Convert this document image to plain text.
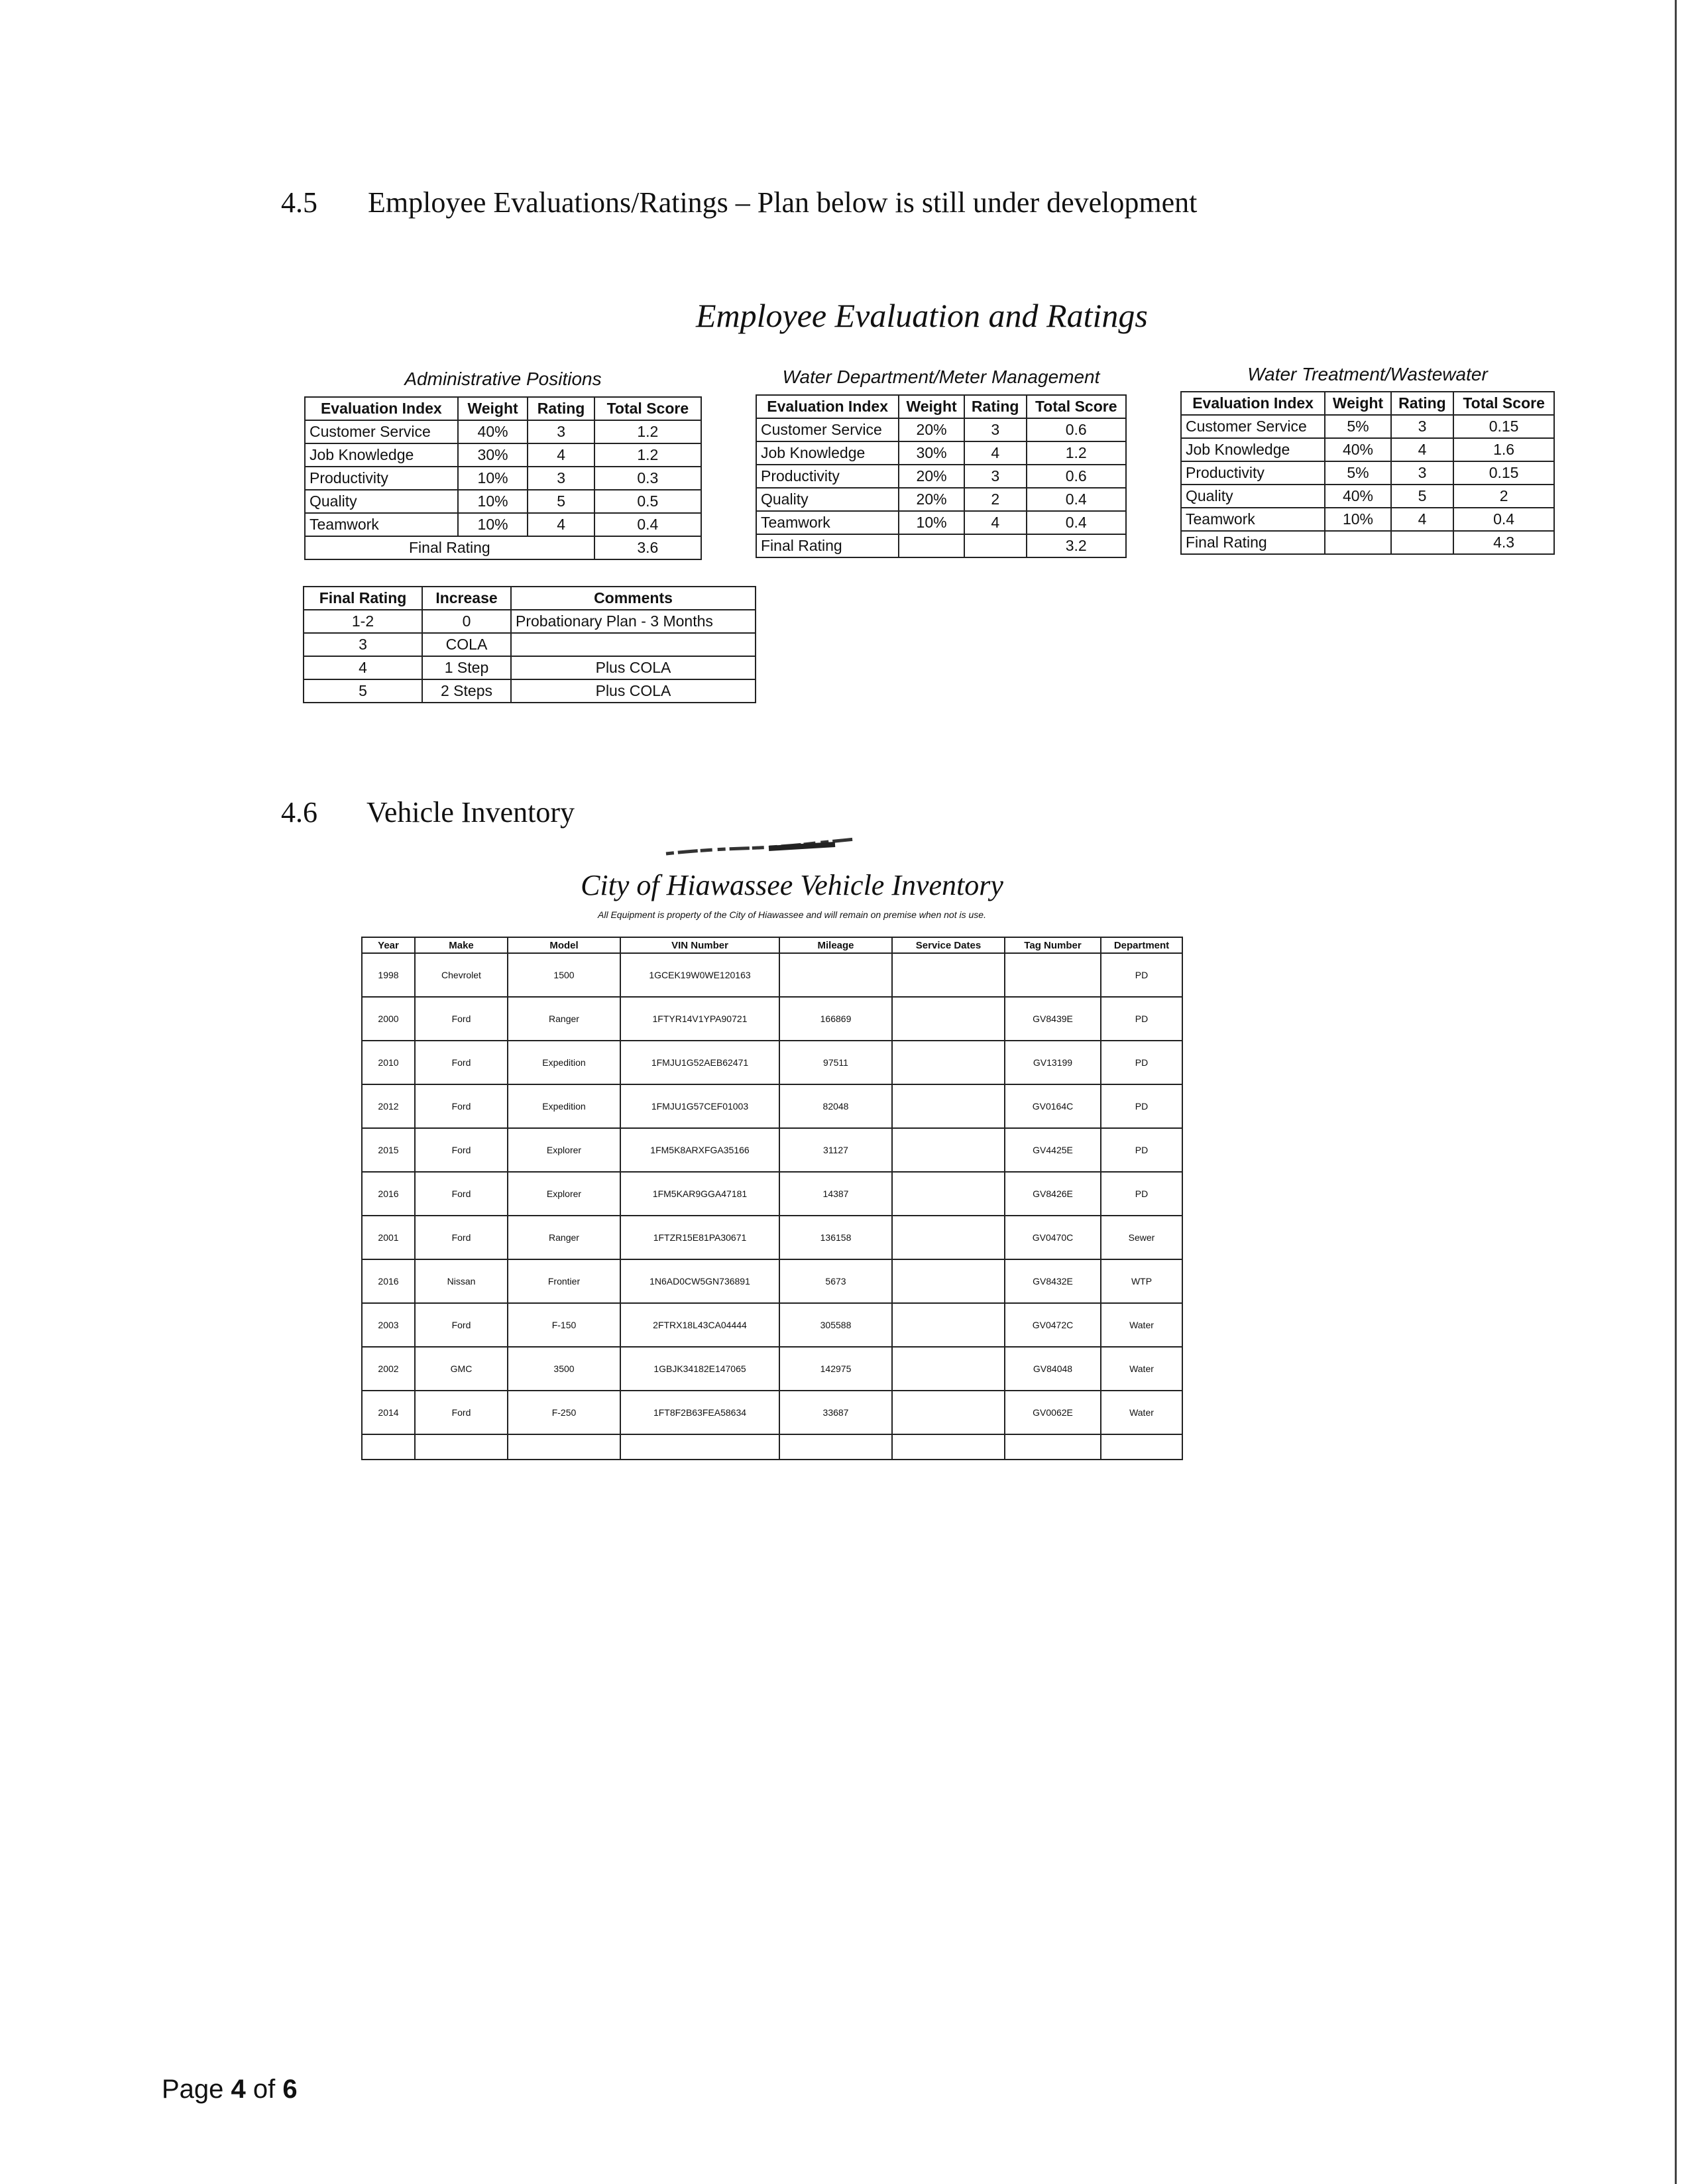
4.5 Employee Evaluations/Ratings – Plan below is still under development
Employee Evaluation and Ratings
Administrative Positions
Evaluation Index	Weight	Rating	Total Score
Customer Service	40%	3	1.2
Job Knowledge	30%	4	1.2
Productivity	10%	3	0.3
Quality	10%	5	0.5
Teamwork	10%	4	0.4
Final Rating			3.6
Water Department/Meter Management
Evaluation Index	Weight	Rating	Total Score
Customer Service	20%	3	0.6
Job Knowledge	30%	4	1.2
Productivity	20%	3	0.6
Quality	20%	2	0.4
Teamwork	10%	4	0.4
Final Rating			3.2
Water Treatment/Wastewater
Evaluation Index	Weight	Rating	Total Score
Customer Service	5%	3	0.15
Job Knowledge	40%	4	1.6
Productivity	5%	3	0.15
Quality	40%	5	2
Teamwork	10%	4	0.4
Final Rating			4.3
Final Rating	Increase	Comments
1-2	0	Probationary Plan - 3 Months
3	COLA	
4	1 Step	Plus COLA
5	2 Steps	Plus COLA
4.6 Vehicle Inventory
City of Hiawassee Vehicle Inventory
All Equipment is property of the City of Hiawassee and will remain on premise when not is use.
Year	Make	Model	VIN Number	Mileage	Service Dates	Tag Number	Department
1998	Chevrolet	1500	1GCEK19W0WE120163				PD
2000	Ford	Ranger	1FTYR14V1YPA90721	166869		GV8439E	PD
2010	Ford	Expedition	1FMJU1G52AEB62471	97511		GV13199	PD
2012	Ford	Expedition	1FMJU1G57CEF01003	82048		GV0164C	PD
2015	Ford	Explorer	1FM5K8ARXFGA35166	31127		GV4425E	PD
2016	Ford	Explorer	1FM5KAR9GGA47181	14387		GV8426E	PD
2001	Ford	Ranger	1FTZR15E81PA30671	136158		GV0470C	Sewer
2016	Nissan	Frontier	1N6AD0CW5GN736891	5673		GV8432E	WTP
2003	Ford	F-150	2FTRX18L43CA04444	305588		GV0472C	Water
2002	GMC	3500	1GBJK34182E147065	142975		GV84048	Water
2014	Ford	F-250	1FT8F2B63FEA58634	33687		GV0062E	Water

Page 4 of 6
